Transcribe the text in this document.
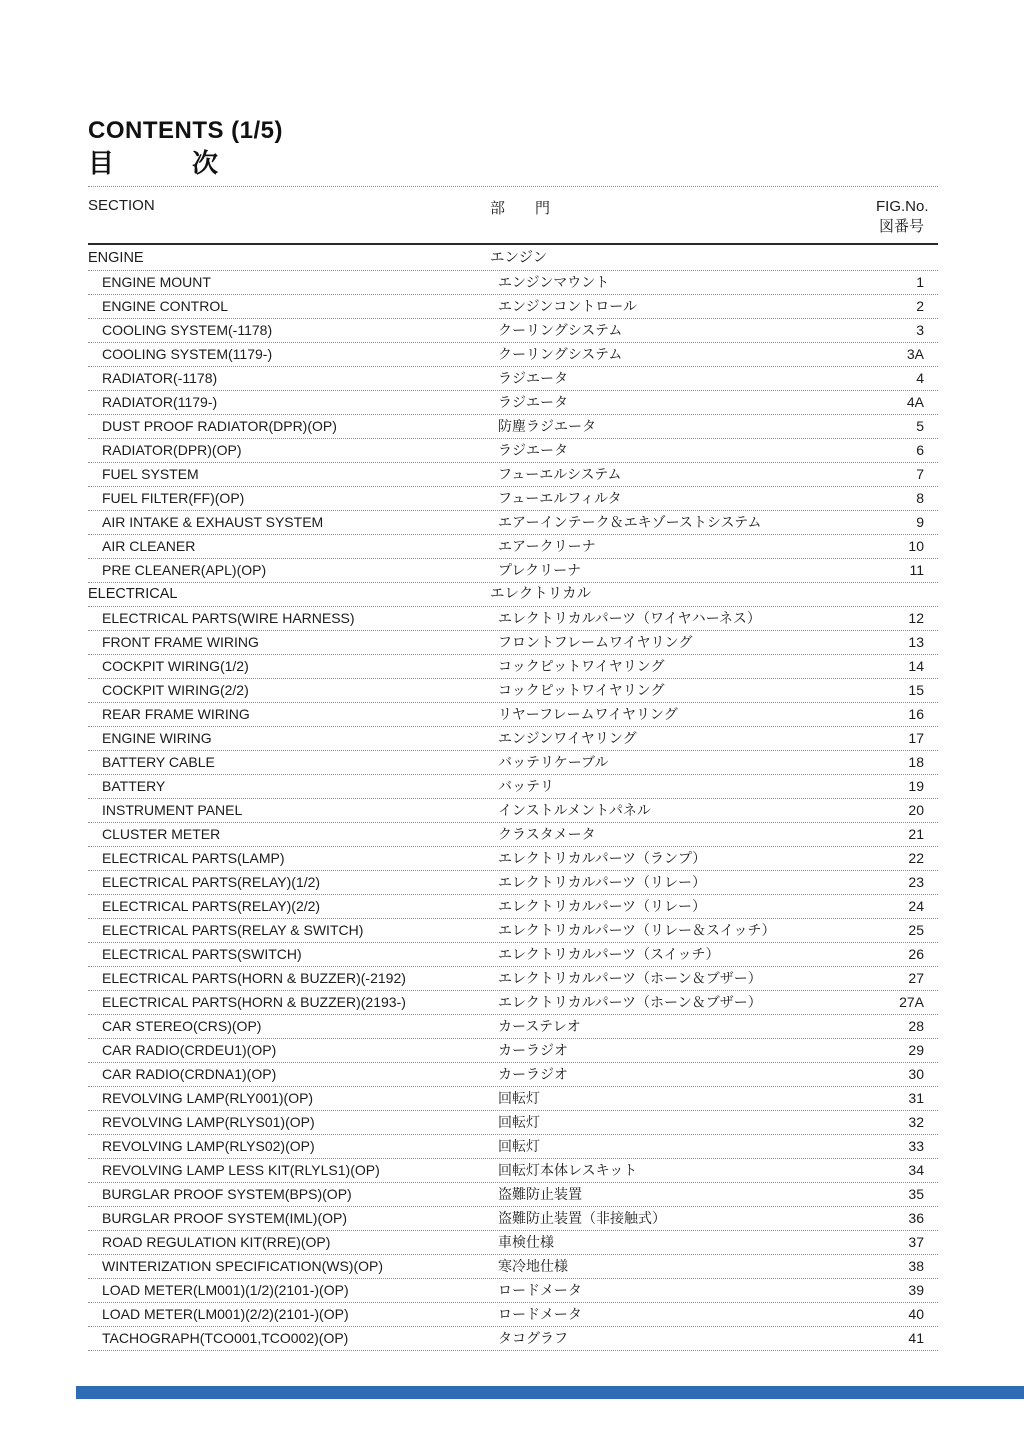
CONTENTS (1/5)
目　　　次
SECTION	部　　門	FIG.No.
図番号
ENGINE	エンジン
ENGINE MOUNT	エンジンマウント	1
ENGINE CONTROL	エンジンコントロール	2
COOLING SYSTEM(-1178)	クーリングシステム	3
COOLING SYSTEM(1179-)	クーリングシステム	3A
RADIATOR(-1178)	ラジエータ	4
RADIATOR(1179-)	ラジエータ	4A
DUST PROOF RADIATOR(DPR)(OP)	防塵ラジエータ	5
RADIATOR(DPR)(OP)	ラジエータ	6
FUEL SYSTEM	フューエルシステム	7
FUEL FILTER(FF)(OP)	フューエルフィルタ	8
AIR INTAKE & EXHAUST SYSTEM	エアーインテーク＆エキゾーストシステム	9
AIR CLEANER	エアークリーナ	10
PRE CLEANER(APL)(OP)	プレクリーナ	11
ELECTRICAL	エレクトリカル
ELECTRICAL PARTS(WIRE HARNESS)	エレクトリカルパーツ（ワイヤハーネス）	12
FRONT FRAME WIRING	フロントフレームワイヤリング	13
COCKPIT WIRING(1/2)	コックピットワイヤリング	14
COCKPIT WIRING(2/2)	コックピットワイヤリング	15
REAR FRAME WIRING	リヤーフレームワイヤリング	16
ENGINE WIRING	エンジンワイヤリング	17
BATTERY CABLE	バッテリケーブル	18
BATTERY	バッテリ	19
INSTRUMENT PANEL	インストルメントパネル	20
CLUSTER METER	クラスタメータ	21
ELECTRICAL PARTS(LAMP)	エレクトリカルパーツ（ランプ）	22
ELECTRICAL PARTS(RELAY)(1/2)	エレクトリカルパーツ（リレー）	23
ELECTRICAL PARTS(RELAY)(2/2)	エレクトリカルパーツ（リレー）	24
ELECTRICAL PARTS(RELAY & SWITCH)	エレクトリカルパーツ（リレー＆スイッチ）	25
ELECTRICAL PARTS(SWITCH)	エレクトリカルパーツ（スイッチ）	26
ELECTRICAL PARTS(HORN & BUZZER)(-2192)	エレクトリカルパーツ（ホーン＆ブザー）	27
ELECTRICAL PARTS(HORN & BUZZER)(2193-)	エレクトリカルパーツ（ホーン＆ブザー）	27A
CAR STEREO(CRS)(OP)	カーステレオ	28
CAR RADIO(CRDEU1)(OP)	カーラジオ	29
CAR RADIO(CRDNA1)(OP)	カーラジオ	30
REVOLVING LAMP(RLY001)(OP)	回転灯	31
REVOLVING LAMP(RLYS01)(OP)	回転灯	32
REVOLVING LAMP(RLYS02)(OP)	回転灯	33
REVOLVING LAMP LESS KIT(RLYLS1)(OP)	回転灯本体レスキット	34
BURGLAR PROOF SYSTEM(BPS)(OP)	盗難防止装置	35
BURGLAR PROOF SYSTEM(IML)(OP)	盗難防止装置（非接触式）	36
ROAD REGULATION KIT(RRE)(OP)	車検仕様	37
WINTERIZATION SPECIFICATION(WS)(OP)	寒冷地仕様	38
LOAD METER(LM001)(1/2)(2101-)(OP)	ロードメータ	39
LOAD METER(LM001)(2/2)(2101-)(OP)	ロードメータ	40
TACHOGRAPH(TCO001,TCO002)(OP)	タコグラフ	41
